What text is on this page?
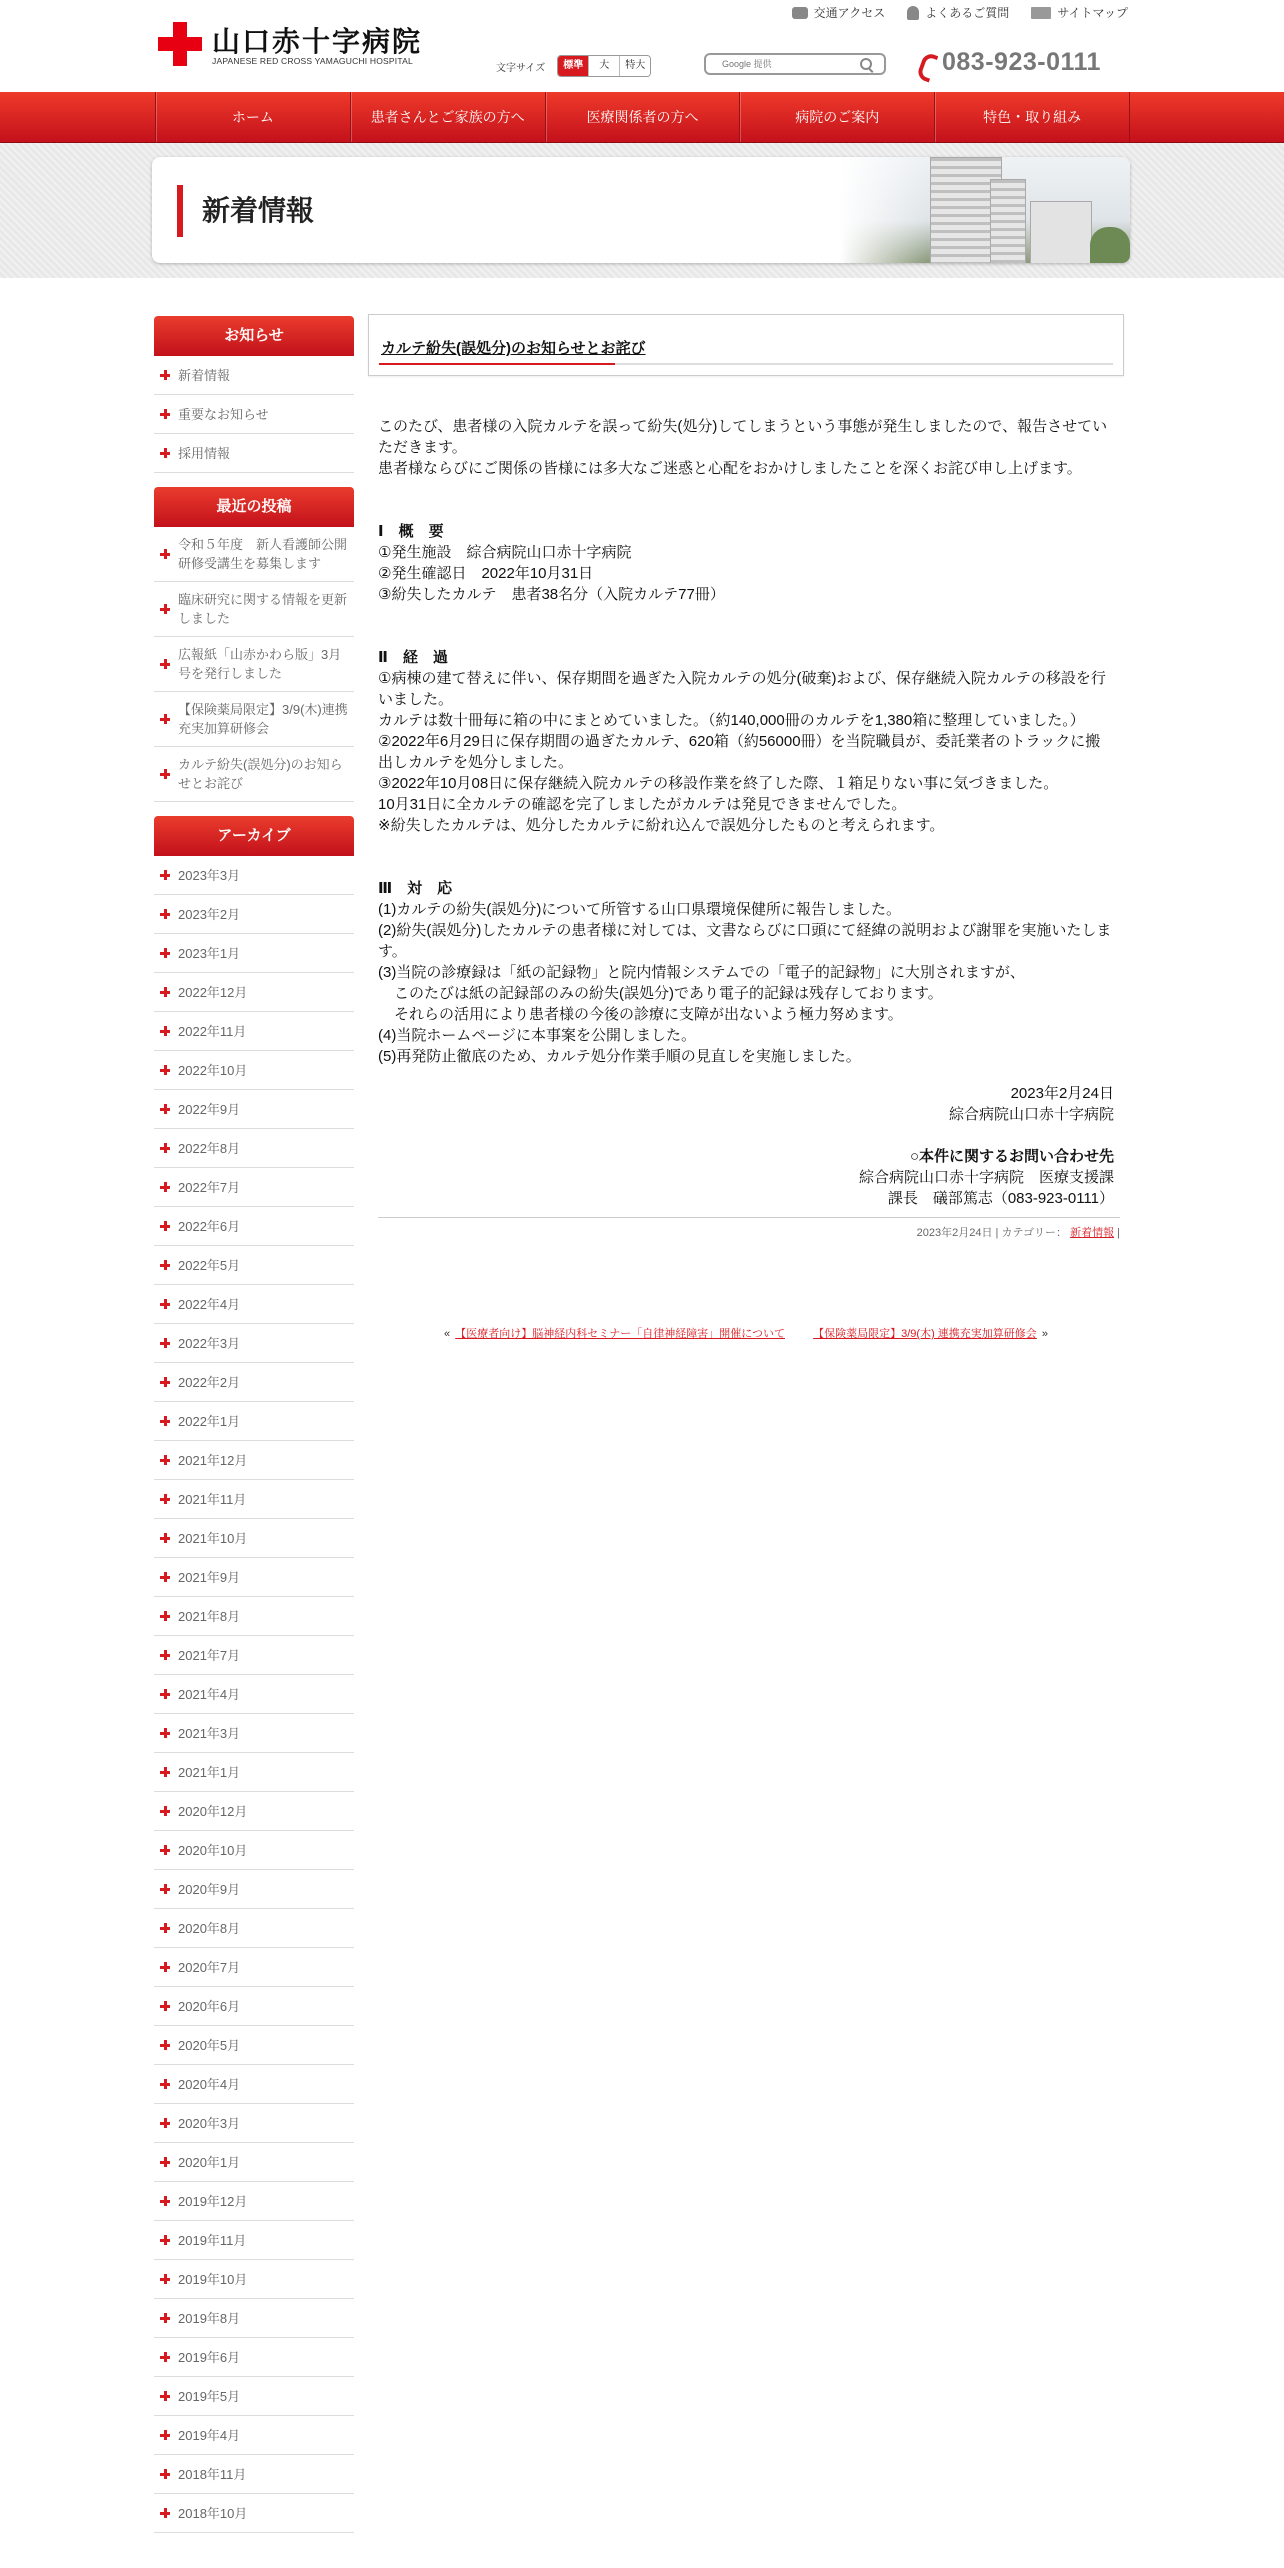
山口赤十字病院
JAPANESE RED CROSS YAMAGUCHI HOSPITAL
交通アクセス	よくあるご質問	サイトマップ
文字サイズ	標準	大	特大
Google 提供	083-923-0111
ホーム	患者さんとご家族の方へ	医療関係者の方へ	病院のご案内	特色・取り組み
新着情報
お知らせ
新着情報
重要なお知らせ
採用情報
最近の投稿
令和５年度　新人看護師公開研修受講生を募集します
臨床研究に関する情報を更新しました
広報紙「山赤かわら版」3月号を発行しました
【保険薬局限定】3/9(木)連携充実加算研修会
カルテ紛失(誤処分)のお知らせとお詫び
アーカイブ
2023年3月
2023年2月
2023年1月
2022年12月
2022年11月
2022年10月
2022年9月
2022年8月
2022年7月
2022年6月
2022年5月
2022年4月
2022年3月
2022年2月
2022年1月
2021年12月
2021年11月
2021年10月
2021年9月
2021年8月
2021年7月
2021年4月
2021年3月
2021年1月
2020年12月
2020年10月
2020年9月
2020年8月
2020年7月
2020年6月
2020年5月
2020年4月
2020年3月
2020年1月
2019年12月
2019年11月
2019年10月
2019年8月
2019年6月
2019年5月
2019年4月
2018年11月
2018年10月
カルテ紛失(誤処分)のお知らせとお詫び

このたび、患者様の入院カルテを誤って紛失(処分)してしまうという事態が発生しましたので、報告させていただきます。

患者様ならびにご関係の皆様には多大なご迷惑と心配をおかけしましたことを深くお詫び申し上げます。

Ⅰ　概　要

①発生施設　綜合病院山口赤十字病院

②発生確認日　2022年10月31日

③紛失したカルテ　患者38名分（入院カルテ77冊）

Ⅱ　経　過

①病棟の建て替えに伴い、保存期間を過ぎた入院カルテの処分(破棄)および、保存継続入院カルテの移設を行いました。

カルテは数十冊毎に箱の中にまとめていました。（約140,000冊のカルテを1,380箱に整理していました。）

②2022年6月29日に保存期間の過ぎたカルテ、620箱（約56000冊）を当院職員が、委託業者のトラックに搬出しカルテを処分しました。

③2022年10月08日に保存継続入院カルテの移設作業を終了した際、１箱足りない事に気づきました。

10月31日に全カルテの確認を完了しましたがカルテは発見できませんでした。

※紛失したカルテは、処分したカルテに紛れ込んで誤処分したものと考えられます。

Ⅲ　対　応

(1)カルテの紛失(誤処分)について所管する山口県環境保健所に報告しました。

(2)紛失(誤処分)したカルテの患者様に対しては、文書ならびに口頭にて経緯の説明および謝罪を実施いたします。

(3)当院の診療録は「紙の記録物」と院内情報システムでの「電子的記録物」に大別されますが、

このたびは紙の記録部のみの紛失(誤処分)であり電子的記録は残存しております。

それらの活用により患者様の今後の診療に支障が出ないよう極力努めます。

(4)当院ホームページに本事案を公開しました。

(5)再発防止徹底のため、カルテ処分作業手順の見直しを実施しました。

2023年2月24日

綜合病院山口赤十字病院

○本件に関するお問い合わせ先

綜合病院山口赤十字病院　医療支援課

課長　礒部篤志（083-923-0111）

2023年2月24日 | カテゴリー： 新着情報 |
« 【医療者向け】脳神経内科セミナー「自律神経障害」開催について	【保険薬局限定】3/9(木) 連携充実加算研修会 »
